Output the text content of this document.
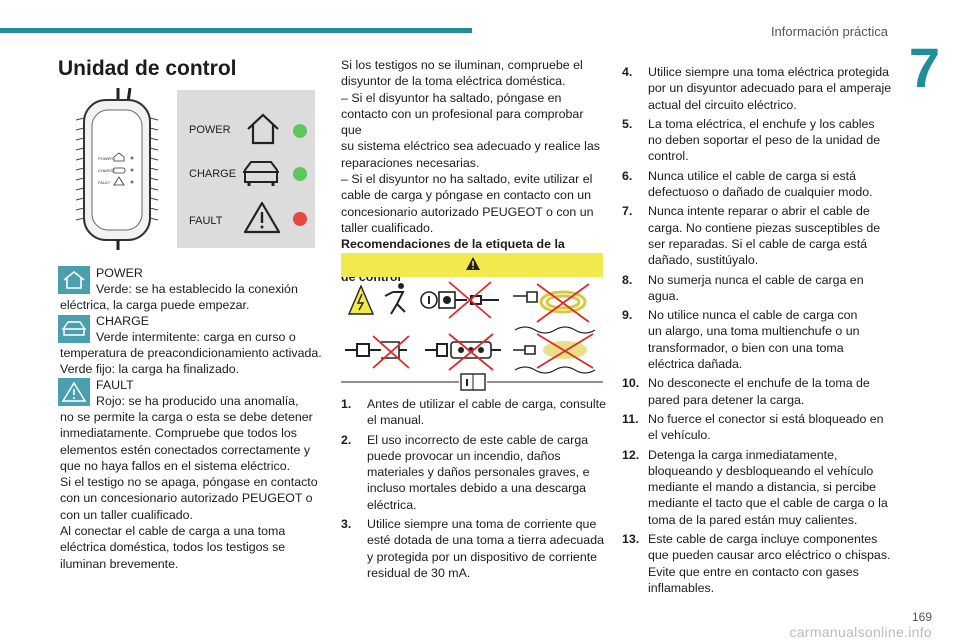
Información práctica
7
Unidad de control
POWER
CHARGE
FAULT
POWER
CHARGE
FAULT
POWER
Verde: se ha establecido la conexión
eléctrica, la carga puede empezar.
CHARGE
Verde intermitente: carga en curso o
temperatura de preacondicionamiento activada.
Verde fijo: la carga ha finalizado.
FAULT
Rojo: se ha producido una anomalía,
no se permite la carga o esta se debe detener
inmediatamente. Compruebe que todos los
elementos estén conectados correctamente y
que no haya fallos en el sistema eléctrico.
Si el testigo no se apaga, póngase en contacto
con un concesionario autorizado PEUGEOT o
con un taller cualificado.
Al conectar el cable de carga a una toma
eléctrica doméstica, todos los testigos se
iluminan brevemente.
Si los testigos no se iluminan, compruebe el
disyuntor de la toma eléctrica doméstica.
– Si el disyuntor ha saltado, póngase en
contacto con un profesional para comprobar que
su sistema eléctrico sea adecuado y realice las
reparaciones necesarias.
– Si el disyuntor no ha saltado, evite utilizar el
cable de carga y póngase en contacto con un
concesionario autorizado PEUGEOT o con un
taller cualificado.
Recomendaciones de la etiqueta de la
1.	Antes de utilizar el cable de carga, consulte
el manual.
2.	El uso incorrecto de este cable de carga
puede provocar un incendio, daños
materiales y daños personales graves, e
incluso mortales debido a una descarga
eléctrica.
3.	Utilice siempre una toma de corriente que
esté dotada de una toma a tierra adecuada
y protegida por un dispositivo de corriente
residual de 30 mA.
4.	Utilice siempre una toma eléctrica protegida
por un disyuntor adecuado para el amperaje
actual del circuito eléctrico.
5.	La toma eléctrica, el enchufe y los cables
no deben soportar el peso de la unidad de
control.
6.	Nunca utilice el cable de carga si está
defectuoso o dañado de cualquier modo.
7.	Nunca intente reparar o abrir el cable de
carga. No contiene piezas susceptibles de
ser reparadas. Si el cable de carga está
dañado, sustitúyalo.
8.	No sumerja nunca el cable de carga en
agua.
9.	No utilice nunca el cable de carga con
un alargo, una toma multienchufe o un
transformador, o bien con una toma
eléctrica dañada.
10. No desconecte el enchufe de la toma de
pared para detener la carga.
11. No fuerce el conector si está bloqueado en
el vehículo.
12. Detenga la carga inmediatamente,
bloqueando y desbloqueando el vehículo
mediante el mando a distancia, si percibe
mediante el tacto que el cable de carga o la
toma de la pared están muy calientes.
13. Este cable de carga incluye componentes
que pueden causar arco eléctrico o chispas.
Evite que entre en contacto con gases
inflamables.
169
carmanualsonline.info
